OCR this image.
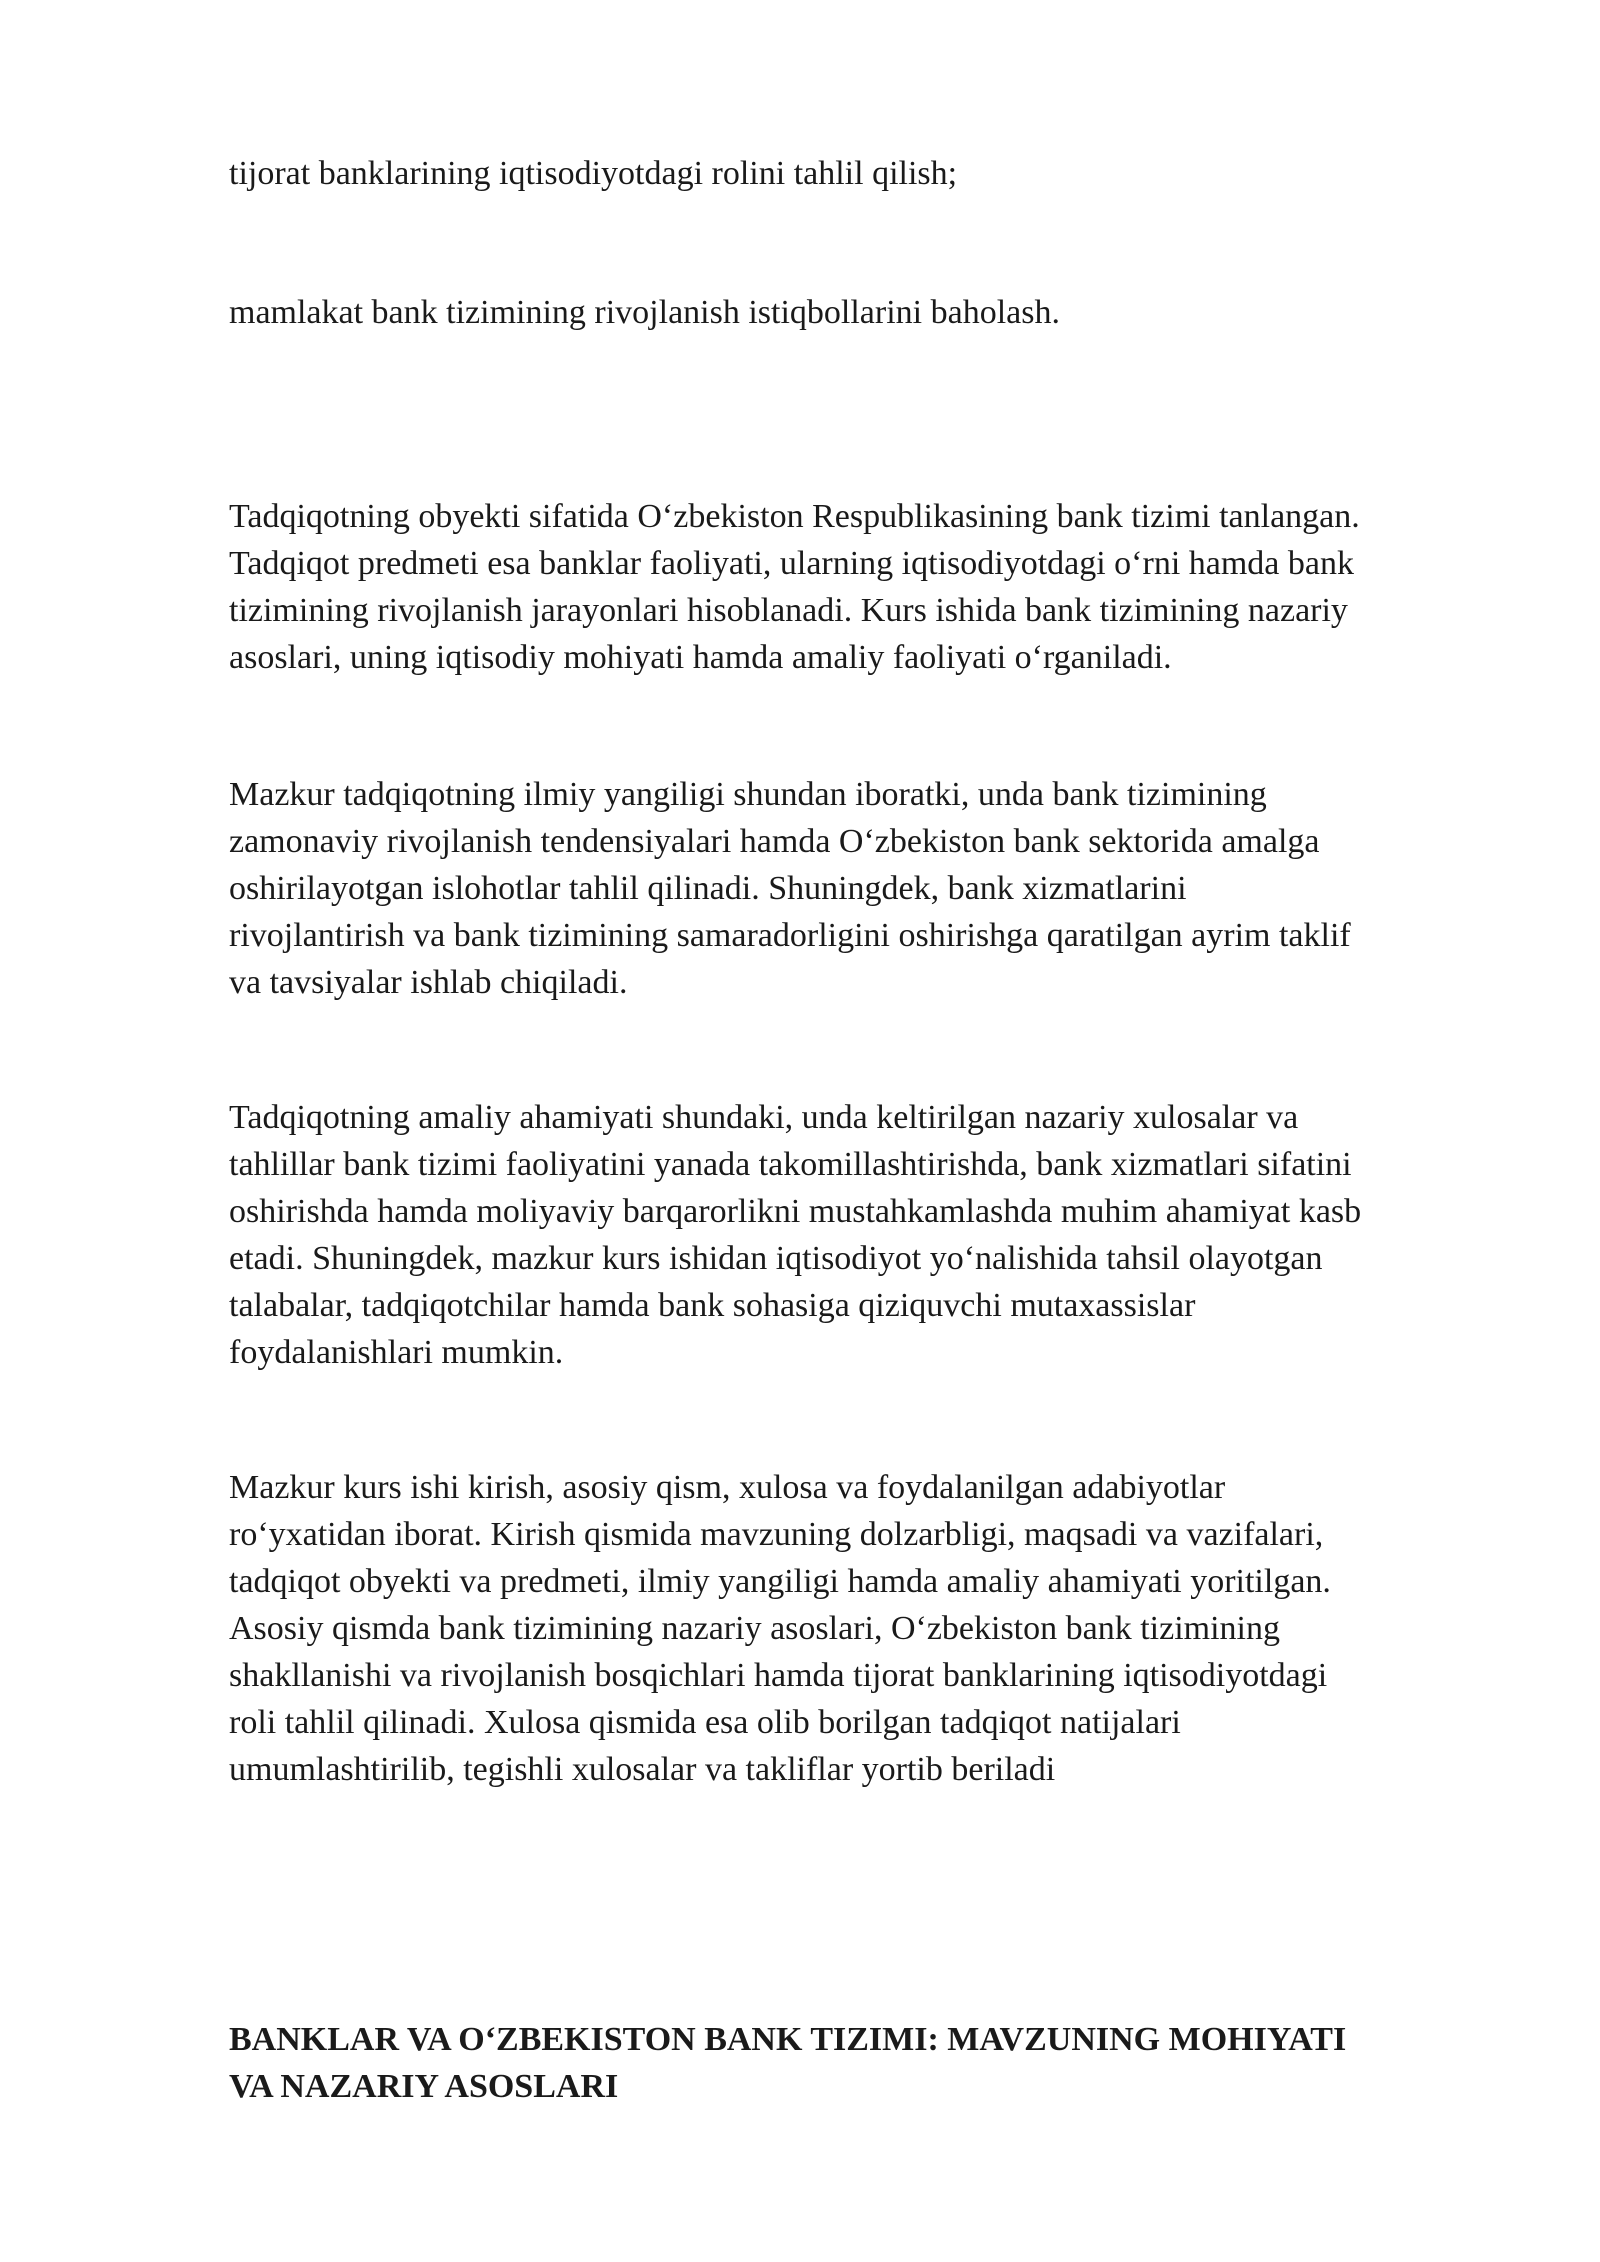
tijorat banklarining iqtisodiyotdagi rolini tahlil qilish;

mamlakat bank tizimining rivojlanish istiqbollarini baholash.

Tadqiqotning obyekti sifatida O‘zbekiston Respublikasining bank tizimi tanlangan.
Tadqiqot predmeti esa banklar faoliyati, ularning iqtisodiyotdagi o‘rni hamda bank
tizimining rivojlanish jarayonlari hisoblanadi. Kurs ishida bank tizimining nazariy
asoslari, uning iqtisodiy mohiyati hamda amaliy faoliyati o‘rganiladi.

Mazkur tadqiqotning ilmiy yangiligi shundan iboratki, unda bank tizimining
zamonaviy rivojlanish tendensiyalari hamda O‘zbekiston bank sektorida amalga
oshirilayotgan islohotlar tahlil qilinadi. Shuningdek, bank xizmatlarini
rivojlantirish va bank tizimining samaradorligini oshirishga qaratilgan ayrim taklif
va tavsiyalar ishlab chiqiladi.

Tadqiqotning amaliy ahamiyati shundaki, unda keltirilgan nazariy xulosalar va
tahlillar bank tizimi faoliyatini yanada takomillashtirishda, bank xizmatlari sifatini
oshirishda hamda moliyaviy barqarorlikni mustahkamlashda muhim ahamiyat kasb
etadi. Shuningdek, mazkur kurs ishidan iqtisodiyot yo‘nalishida tahsil olayotgan
talabalar, tadqiqotchilar hamda bank sohasiga qiziquvchi mutaxassislar
foydalanishlari mumkin.

Mazkur kurs ishi kirish, asosiy qism, xulosa va foydalanilgan adabiyotlar
ro‘yxatidan iborat. Kirish qismida mavzuning dolzarbligi, maqsadi va vazifalari,
tadqiqot obyekti va predmeti, ilmiy yangiligi hamda amaliy ahamiyati yoritilgan.
Asosiy qismda bank tizimining nazariy asoslari, O‘zbekiston bank tizimining
shakllanishi va rivojlanish bosqichlari hamda tijorat banklarining iqtisodiyotdagi
roli tahlil qilinadi. Xulosa qismida esa olib borilgan tadqiqot natijalari
umumlashtirilib, tegishli xulosalar va takliflar yortib beriladi

BANKLAR VA O‘ZBEKISTON BANK TIZIMI: MAVZUNING MOHIYATI
VA NAZARIY ASOSLARI
